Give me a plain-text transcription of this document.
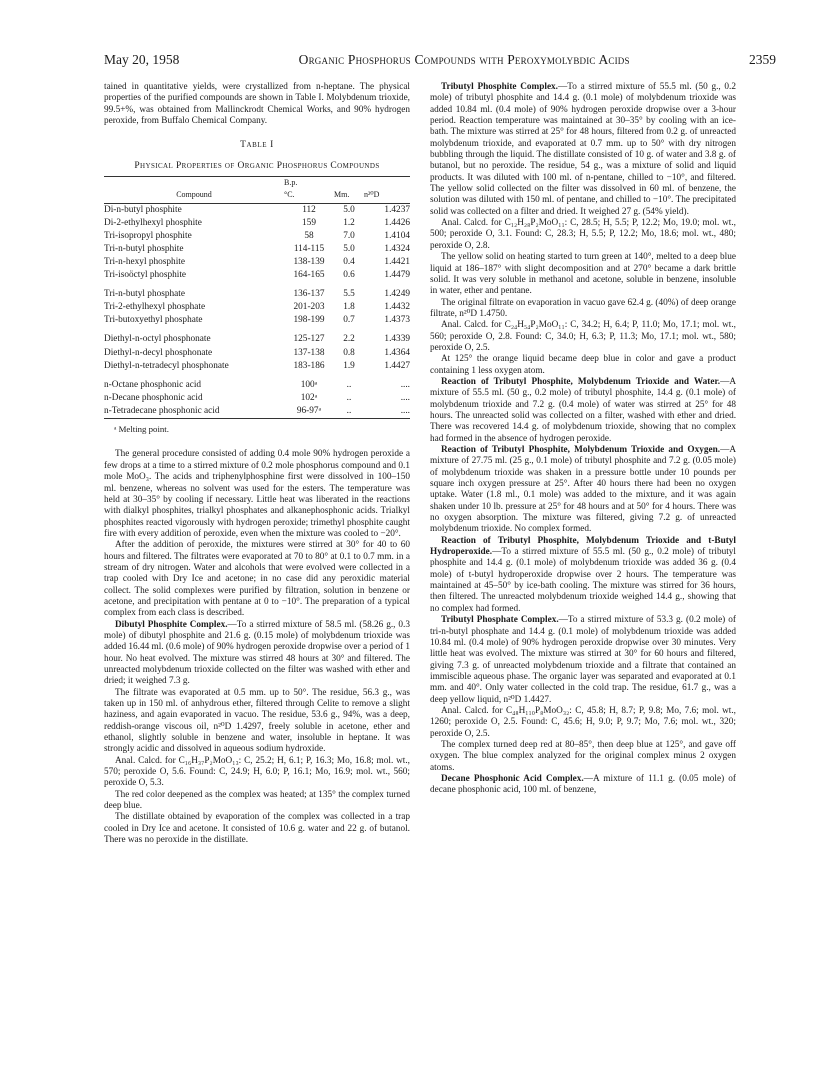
May 20, 1958	Organic Phosphorus Compounds with Peroxymolybdic Acids	2359

tained in quantitative yields, were crystallized from n-heptane. The physical properties of the purified compounds are shown in Table I. Molybdenum trioxide, 99.5+%, was obtained from Mallinckrodt Chemical Works, and 90% hydrogen peroxide, from Buffalo Chemical Company.

Table I
Physical Properties of Organic Phosphorus Compounds
	B.p.		
Compound	°C.	Mm.	n²⁰D
Di-n-butyl phosphite	112	5.0	1.4237
Di-2-ethylhexyl phosphite	159	1.2	1.4426
Tri-isopropyl phosphite	58	7.0	1.4104
Tri-n-butyl phosphite	114-115	5.0	1.4324
Tri-n-hexyl phosphite	138-139	0.4	1.4421
Tri-isoöctyl phosphite	164-165	0.6	1.4479
Tri-n-butyl phosphate	136-137	5.5	1.4249
Tri-2-ethylhexyl phosphate	201-203	1.8	1.4432
Tri-butoxyethyl phosphate	198-199	0.7	1.4373
Diethyl-n-octyl phosphonate	125-127	2.2	1.4339
Diethyl-n-decyl phosphonate	137-138	0.8	1.4364
Diethyl-n-tetradecyl phosphonate	183-186	1.9	1.4427
n-Octane phosphonic acid	100ᵃ	..	....
n-Decane phosphonic acid	102ᵃ	..	....
n-Tetradecane phosphonic acid	96-97ᵃ	..	....
ᵃ Melting point.

The general procedure consisted of adding 0.4 mole 90% hydrogen peroxide a few drops at a time to a stirred mixture of 0.2 mole phosphorus compound and 0.1 mole MoO₃. The acids and triphenylphosphine first were dissolved in 100–150 ml. benzene, whereas no solvent was used for the esters. The temperature was held at 30–35° by cooling if necessary. Little heat was liberated in the reactions with dialkyl phosphites, trialkyl phosphates and alkanephosphonic acids. Trialkyl phosphites reacted vigorously with hydrogen peroxide; trimethyl phosphite caught fire with every addition of peroxide, even when the mixture was cooled to −20°.

After the addition of peroxide, the mixtures were stirred at 30° for 40 to 60 hours and filtered. The filtrates were evaporated at 70 to 80° at 0.1 to 0.7 mm. in a stream of dry nitrogen. Water and alcohols that were evolved were collected in a trap cooled with Dry Ice and acetone; in no case did any peroxidic material collect. The solid complexes were purified by filtration, solution in benzene or acetone, and precipitation with pentane at 0 to −10°. The preparation of a typical complex from each class is described.

Dibutyl Phosphite Complex.—To a stirred mixture of 58.5 ml. (58.26 g., 0.3 mole) of dibutyl phosphite and 21.6 g. (0.15 mole) of molybdenum trioxide was added 16.44 ml. (0.6 mole) of 90% hydrogen peroxide dropwise over a period of 1 hour. No heat evolved. The mixture was stirred 48 hours at 30° and filtered. The unreacted molybdenum trioxide collected on the filter was washed with ether and dried; it weighed 7.3 g.

The filtrate was evaporated at 0.5 mm. up to 50°. The residue, 56.3 g., was taken up in 150 ml. of anhydrous ether, filtered through Celite to remove a slight haziness, and again evaporated in vacuo. The residue, 53.6 g., 94%, was a deep, reddish-orange viscous oil, n²⁰D 1.4297, freely soluble in acetone, ether and ethanol, slightly soluble in benzene and water, insoluble in heptane. It was strongly acidic and dissolved in aqueous sodium hydroxide.

Anal. Calcd. for C₁₆H₃₇P₂MoO₁₃: C, 25.2; H, 6.1; P, 16.3; Mo, 16.8; mol. wt., 570; peroxide O, 5.6. Found: C, 24.9; H, 6.0; P, 16.1; Mo, 16.9; mol. wt., 560; peroxide O, 5.3.

The red color deepened as the complex was heated; at 135° the complex turned deep blue.

The distillate obtained by evaporation of the complex was collected in a trap cooled in Dry Ice and acetone. It consisted of 10.6 g. water and 22 g. of butanol. There was no peroxide in the distillate.

Tributyl Phosphite Complex.—To a stirred mixture of 55.5 ml. (50 g., 0.2 mole) of tributyl phosphite and 14.4 g. (0.1 mole) of molybdenum trioxide was added 10.84 ml. (0.4 mole) of 90% hydrogen peroxide dropwise over a 3-hour period. Reaction temperature was maintained at 30–35° by cooling with an ice-bath. The mixture was stirred at 25° for 48 hours, filtered from 0.2 g. of unreacted molybdenum trioxide, and evaporated at 0.7 mm. up to 50° with dry nitrogen bubbling through the liquid. The distillate consisted of 10 g. of water and 3.8 g. of butanol, but no peroxide. The residue, 54 g., was a mixture of solid and liquid products. It was diluted with 100 ml. of n-pentane, chilled to −10°, and filtered. The yellow solid collected on the filter was dissolved in 60 ml. of benzene, the solution was diluted with 150 ml. of pentane, and chilled to −10°. The precipitated solid was collected on a filter and dried. It weighed 27 g. (54% yield).

Anal. Calcd. for C₁₂H₂₈P₂MoO₁₁: C, 28.5; H, 5.5; P, 12.2; Mo, 19.0; mol. wt., 500; peroxide O, 3.1. Found: C, 28.3; H, 5.5; P, 12.2; Mo, 18.6; mol. wt., 480; peroxide O, 2.8.

The yellow solid on heating started to turn green at 140°, melted to a deep blue liquid at 186–187° with slight decomposition and at 270° became a dark brittle solid. It was very soluble in methanol and acetone, soluble in benzene, insoluble in water, ether and pentane.

The original filtrate on evaporation in vacuo gave 62.4 g. (40%) of deep orange filtrate, n²⁰D 1.4750.

Anal. Calcd. for C₂₄H₅₄P₂MoO₁₁: C, 34.2; H, 6.4; P, 11.0; Mo, 17.1; mol. wt., 560; peroxide O, 2.8. Found: C, 34.0; H, 6.3; P, 11.3; Mo, 17.1; mol. wt., 580; peroxide O, 2.5.

At 125° the orange liquid became deep blue in color and gave a product containing 1 less oxygen atom.

Reaction of Tributyl Phosphite, Molybdenum Trioxide and Water.—A mixture of 55.5 ml. (50 g., 0.2 mole) of tributyl phosphite, 14.4 g. (0.1 mole) of molybdenum trioxide and 7.2 g. (0.4 mole) of water was stirred at 25° for 48 hours. The unreacted solid was collected on a filter, washed with ether and dried. There was recovered 14.4 g. of molybdenum trioxide, showing that no complex had formed in the absence of hydrogen peroxide.

Reaction of Tributyl Phosphite, Molybdenum Trioxide and Oxygen.—A mixture of 27.75 ml. (25 g., 0.1 mole) of tributyl phosphite and 7.2 g. (0.05 mole) of molybdenum trioxide was shaken in a pressure bottle under 10 pounds per square inch oxygen pressure at 25°. After 40 hours there had been no oxygen uptake. Water (1.8 ml., 0.1 mole) was added to the mixture, and it was again shaken under 10 lb. pressure at 25° for 48 hours and at 50° for 4 hours. There was no oxygen absorption. The mixture was filtered, giving 7.2 g. of unreacted molybdenum trioxide. No complex formed.

Reaction of Tributyl Phosphite, Molybdenum Trioxide and t-Butyl Hydroperoxide.—To a stirred mixture of 55.5 ml. (50 g., 0.2 mole) of tributyl phosphite and 14.4 g. (0.1 mole) of molybdenum trioxide was added 36 g. (0.4 mole) of t-butyl hydroperoxide dropwise over 2 hours. The temperature was maintained at 45–50° by ice-bath cooling. The mixture was stirred for 36 hours, then filtered. The unreacted molybdenum trioxide weighed 14.4 g., showing that no complex had formed.

Tributyl Phosphate Complex.—To a stirred mixture of 53.3 g. (0.2 mole) of tri-n-butyl phosphate and 14.4 g. (0.1 mole) of molybdenum trioxide was added 10.84 ml. (0.4 mole) of 90% hydrogen peroxide dropwise over 30 minutes. Very little heat was evolved. The mixture was stirred at 30° for 60 hours and filtered, giving 7.3 g. of unreacted molybdenum trioxide and a filtrate that contained an immiscible aqueous phase. The organic layer was separated and evaporated at 0.1 mm. and 40°. Only water collected in the cold trap. The residue, 61.7 g., was a deep yellow liquid, n²⁰D 1.4427.

Anal. Calcd. for C₄₈H₁₁₀P₈MoO₃₂: C, 45.8; H, 8.7; P, 9.8; Mo, 7.6; mol. wt., 1260; peroxide O, 2.5. Found: C, 45.6; H, 9.0; P, 9.7; Mo, 7.6; mol. wt., 320; peroxide O, 2.5.

The complex turned deep red at 80–85°, then deep blue at 125°, and gave off oxygen. The blue complex analyzed for the original complex minus 2 oxygen atoms.

Decane Phosphonic Acid Complex.—A mixture of 11.1 g. (0.05 mole) of decane phosphonic acid, 100 ml. of benzene,
